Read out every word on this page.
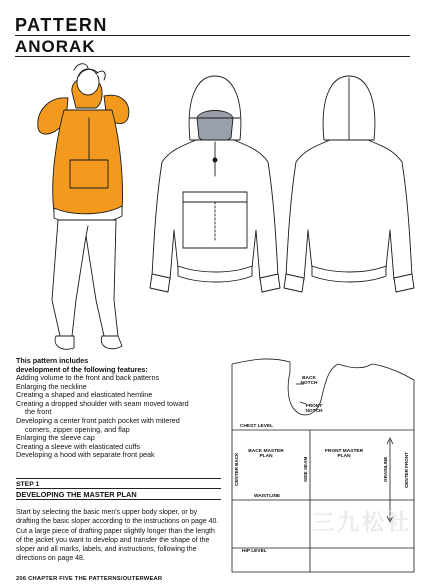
PATTERN
ANORAK
BACK
NOTCH
FRONT
NOTCH
CHEST LEVEL
BACK MASTER
PLAN
FRONT MASTER
PLAN
WAISTLINE
HIP LEVEL
CENTER BACK	SIDE SEAM	GRAINLINE	CENTER FRONT
This pattern includes
development of the following features:
Adding volume to the front and back patterns
Enlarging the neckline
Creating a shaped and elasticated hemline
Creating a dropped shoulder with seam moved toward
the front
Developing a center front patch pocket with mitered
corners, zipper opening, and flap
Enlarging the sleeve cap
Creating a sleeve with elasticated cuffs
Developing a hood with separate front peak
STEP 1
DEVELOPING THE MASTER PLAN
Start by selecting the basic men's upper body sloper, or by drafting the basic sloper according to the instructions on page 40. Cut a large piece of drafting paper slightly longer than the length of the jacket you want to develop and transfer the shape of the sloper and all marks, labels, and instructions, following the directions on page 48.
三九松社
206 CHAPTER FIVE THE PATTERNS/OUTERWEAR
